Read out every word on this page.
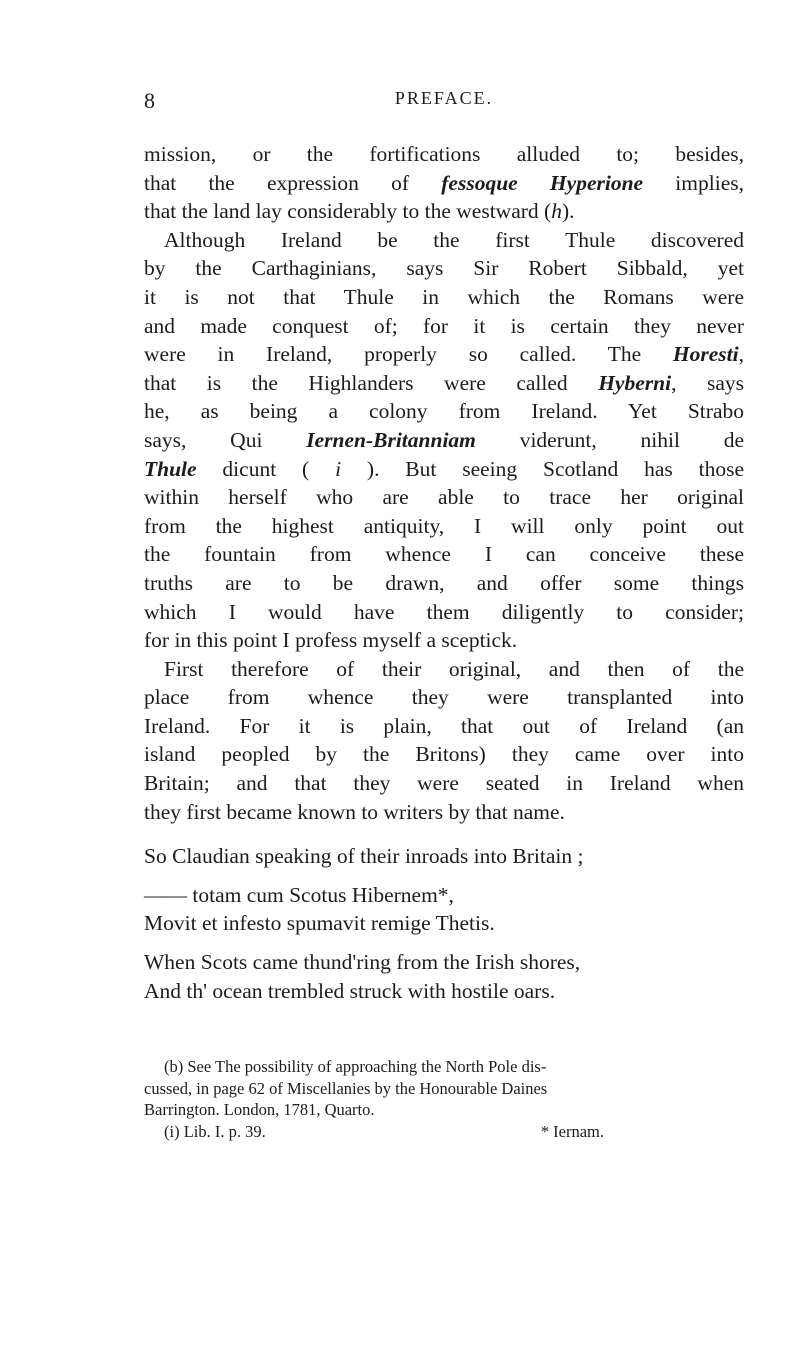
8	PREFACE.
mission, or the fortifications alluded to; besides,
that the expression of fessoque Hyperione implies,
that the land lay considerably to the westward (h).
Although Ireland be the first Thule discovered
by the Carthaginians, says Sir Robert Sibbald, yet
it is not that Thule in which the Romans were
and made conquest of; for it is certain they never
were in Ireland, properly so called. The Horesti,
that is the Highlanders were called Hyberni, says
he, as being a colony from Ireland. Yet Strabo
says, Qui Iernen-Britanniam viderunt, nihil de
Thule dicunt ( i ). But seeing Scotland has those
within herself who are able to trace her original
from the highest antiquity, I will only point out
the fountain from whence I can conceive these
truths are to be drawn, and offer some things
which I would have them diligently to consider;
for in this point I profess myself a sceptick.
First therefore of their original, and then of the
place from whence they were transplanted into
Ireland. For it is plain, that out of Ireland (an
island peopled by the Britons) they came over into
Britain; and that they were seated in Ireland when
they first became known to writers by that name.
So Claudian speaking of their inroads into Britain ;
—— totam cum Scotus Hibernem*,
Movit et infesto spumavit remige Thetis.
When Scots came thund'ring from the Irish shores,
And th' ocean trembled struck with hostile oars.
(b) See The possibility of approaching the North Pole dis-
cussed, in page 62 of Miscellanies by the Honourable Daines
Barrington. London, 1781, Quarto.
(i) Lib. I. p. 39.	* Iernam.
